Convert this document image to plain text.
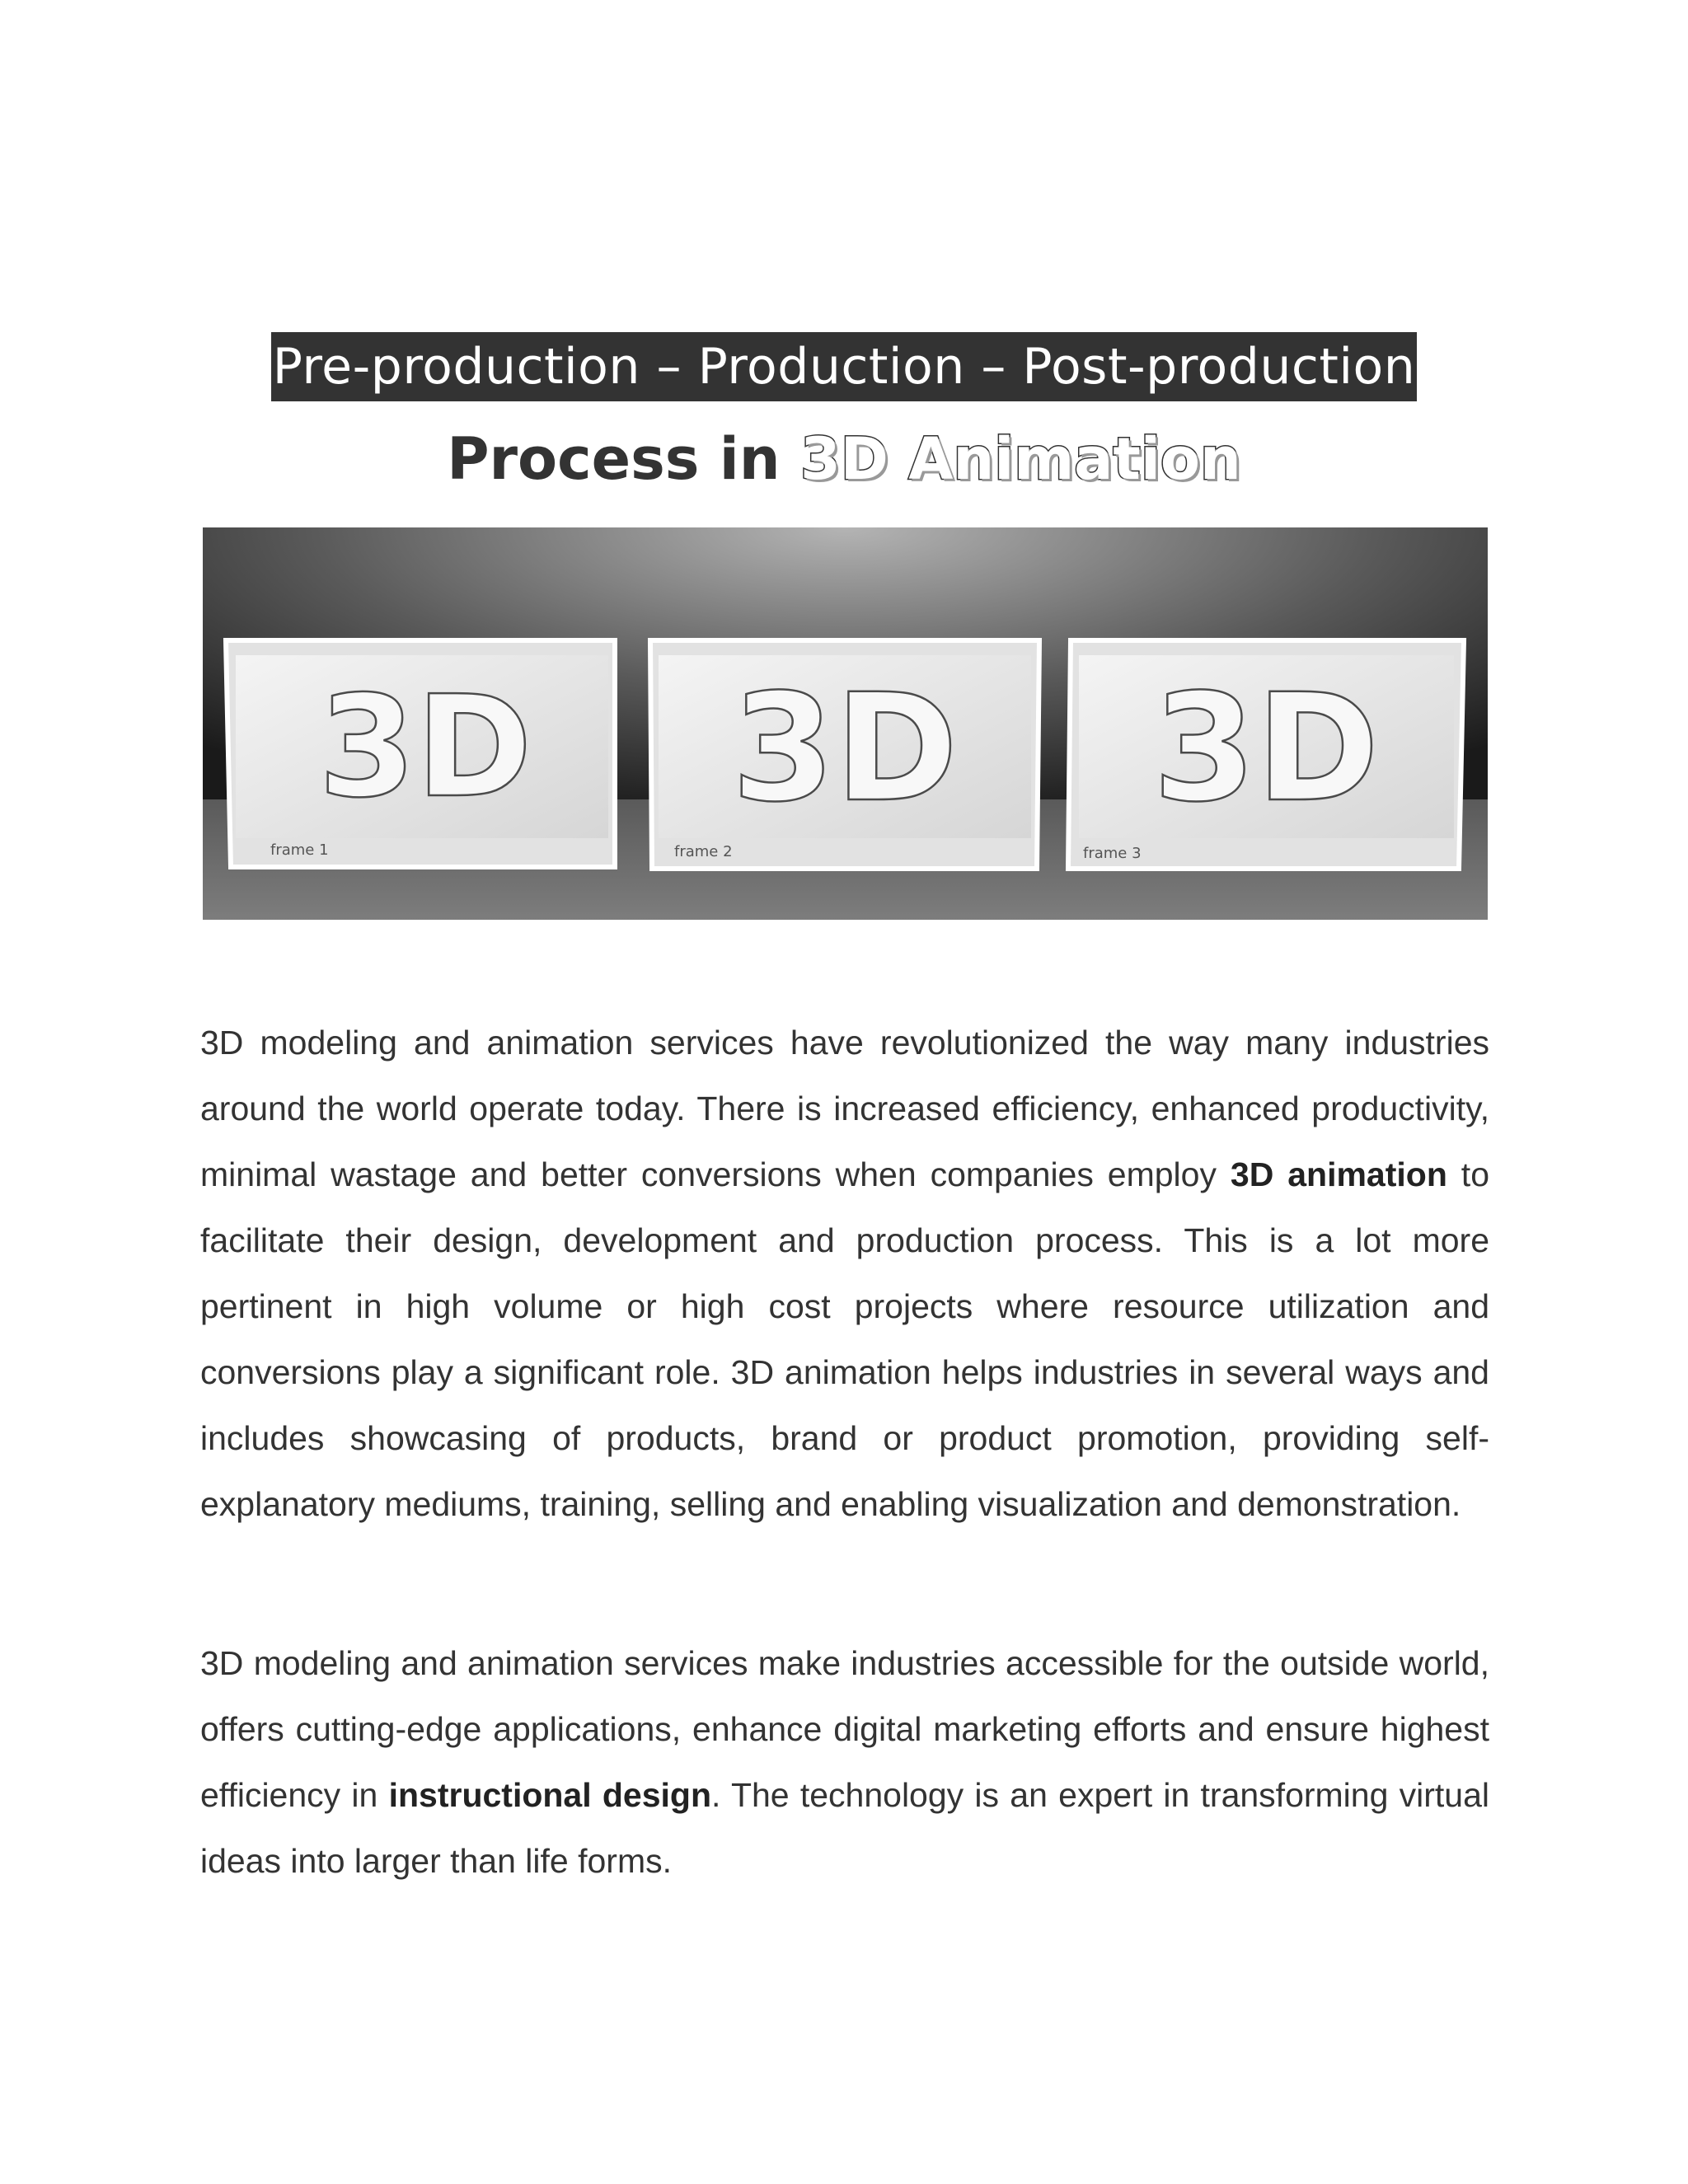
Pre-production – Production – Post-production
Process in 3D Animation
3D
frame 1
3D
frame 2
3D
frame 3

3D modeling and animation services have revolutionized the way many industries around the world operate today. There is increased efficiency, enhanced productivity, minimal wastage and better conversions when companies employ 3D animation to facilitate their design, development and production process. This is a lot more pertinent in high volume or high cost projects where resource utilization and conversions play a significant role. 3D animation helps industries in several ways and includes showcasing of products, brand or product promotion, providing self-explanatory mediums, training, selling and enabling visualization and demonstration.

3D modeling and animation services make industries accessible for the outside world, offers cutting-edge applications, enhance digital marketing efforts and ensure highest efficiency in instructional design. The technology is an expert in transforming virtual ideas into larger than life forms.
